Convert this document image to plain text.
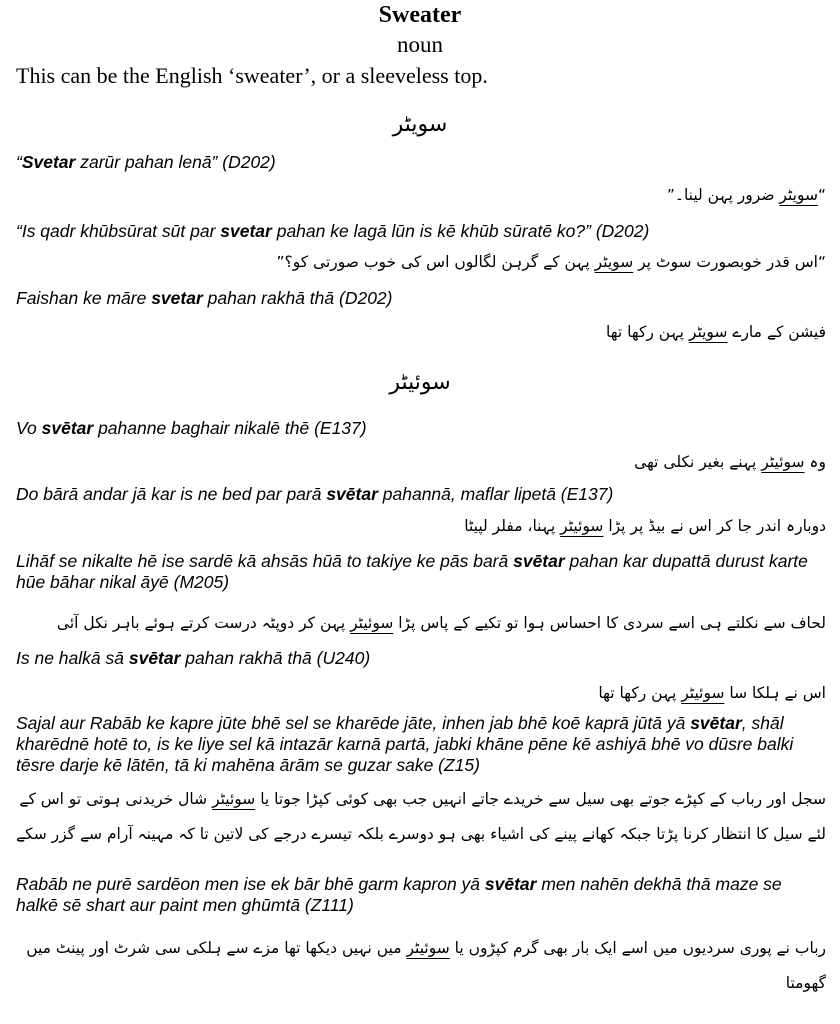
Sweater
noun
This can be the English ‘sweater’, or a sleeveless top.
سویٹر
“Svetar zarūr pahan lenā” (D202)
“سویٹر ضرور پہن لینا۔”
“Is qadr khūbsūrat sūt par svetar pahan ke lagā lūn is kē khūb sūratē ko?” (D202)
“اس قدر خوبصورت سوٹ پر سویٹر پہن کے گرہن لگالوں اس کی خوب صورتی کو؟”
Faishan ke māre svetar pahan rakhā thā (D202)
فیشن کے مارے سویٹر پہن رکھا تھا
سوئیٹر
Vo svētar pahanne baghair nikalē thē (E137)
وہ سوئیٹر پہنے بغیر نکلی تھی
Do bārā andar jā kar is ne bed par parā svētar pahannā, maflar lipetā (E137)
دوبارہ اندر جا کر اس نے بیڈ پر پڑا سوئیٹر پہنا، مفلر لپیٹا
Lihāf se nikalte hē ise sardē kā ahsās hūā to takiye ke pās barā svētar pahan kar dupattā durust karte hūe bāhar nikal āyē (M205)
لحاف سے نکلتے ہی اسے سردی کا احساس ہوا تو تکیے کے پاس پڑا سوئیٹر پہن کر دوپٹہ درست کرتے ہوئے باہر نکل آئی
Is ne halkā sā svētar pahan rakhā thā (U240)
اس نے ہلکا سا سوئیٹر پہن رکھا تھا
Sajal aur Rabāb ke kapre jūte bhē sel se kharēde jāte, inhen jab bhē koē kaprā jūtā yā svētar, shāl kharēdnē hotē to, is ke liye sel kā intazār karnā partā, jabki khāne pēne kē ashiyā bhē vo dūsre balki tēsre darje kē lātēn, tā ki mahēna ārām se guzar sake (Z15)
سجل اور رباب کے کپڑے جوتے بھی سیل سے خریدے جاتے انہیں جب بھی کوئی کپڑا جوتا یا سوئیٹر شال خریدنی ہوتی تو اس کے لئے سیل کا انتظار کرنا پڑتا جبکہ کھانے پینے کی اشیاء بھی ہو دوسرے بلکہ تیسرے درجے کی لاتین تا کہ مہینہ آرام سے گزر سکے
Rabāb ne purē sardēon men ise ek bār bhē garm kapron yā svētar men nahēn dekhā thā maze se halkē sē shart aur paint men ghūmtā (Z111)
رباب نے پوری سردیوں میں اسے ایک بار بھی گرم کپڑوں یا سوئیٹر میں نہیں دیکھا تھا مزے سے ہلکی سی شرٹ اور پینٹ میں گھومتا
